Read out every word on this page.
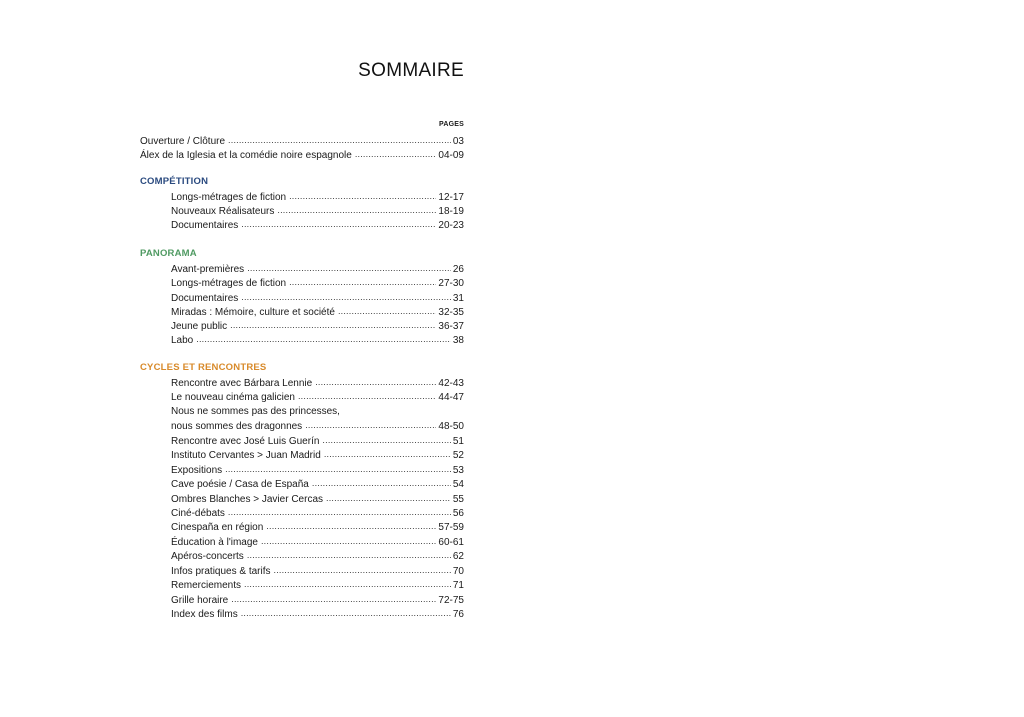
SOMMAIRE
PAGES
Ouverture / Clôture .....	03
Álex de la Iglesia et la comédie noire espagnole .....	04-09
COMPÉTITION
Longs-métrages de fiction .....	12-17
Nouveaux Réalisateurs .....	18-19
Documentaires .....	20-23
PANORAMA
Avant-premières .....	26
Longs-métrages de fiction .....	27-30
Documentaires .....	31
Miradas : Mémoire, culture et société .....	32-35
Jeune public .....	36-37
Labo .....	38
CYCLES ET RENCONTRES
Rencontre avec Bárbara Lennie .....	42-43
Le nouveau cinéma galicien .....	44-47
Nous ne sommes pas des princesses,
nous sommes des dragonnes .....	48-50
Rencontre avec José Luis Guerín .....	51
Instituto Cervantes > Juan Madrid .....	52
Expositions .....	53
Cave poésie / Casa de España .....	54
Ombres Blanches > Javier Cercas .....	55
Ciné-débats .....	56
Cinespaña en région .....	57-59
Éducation à l'image .....	60-61
Apéros-concerts .....	62
Infos pratiques & tarifs .....	70
Remerciements .....	71
Grille horaire .....	72-75
Index des films .....	76
